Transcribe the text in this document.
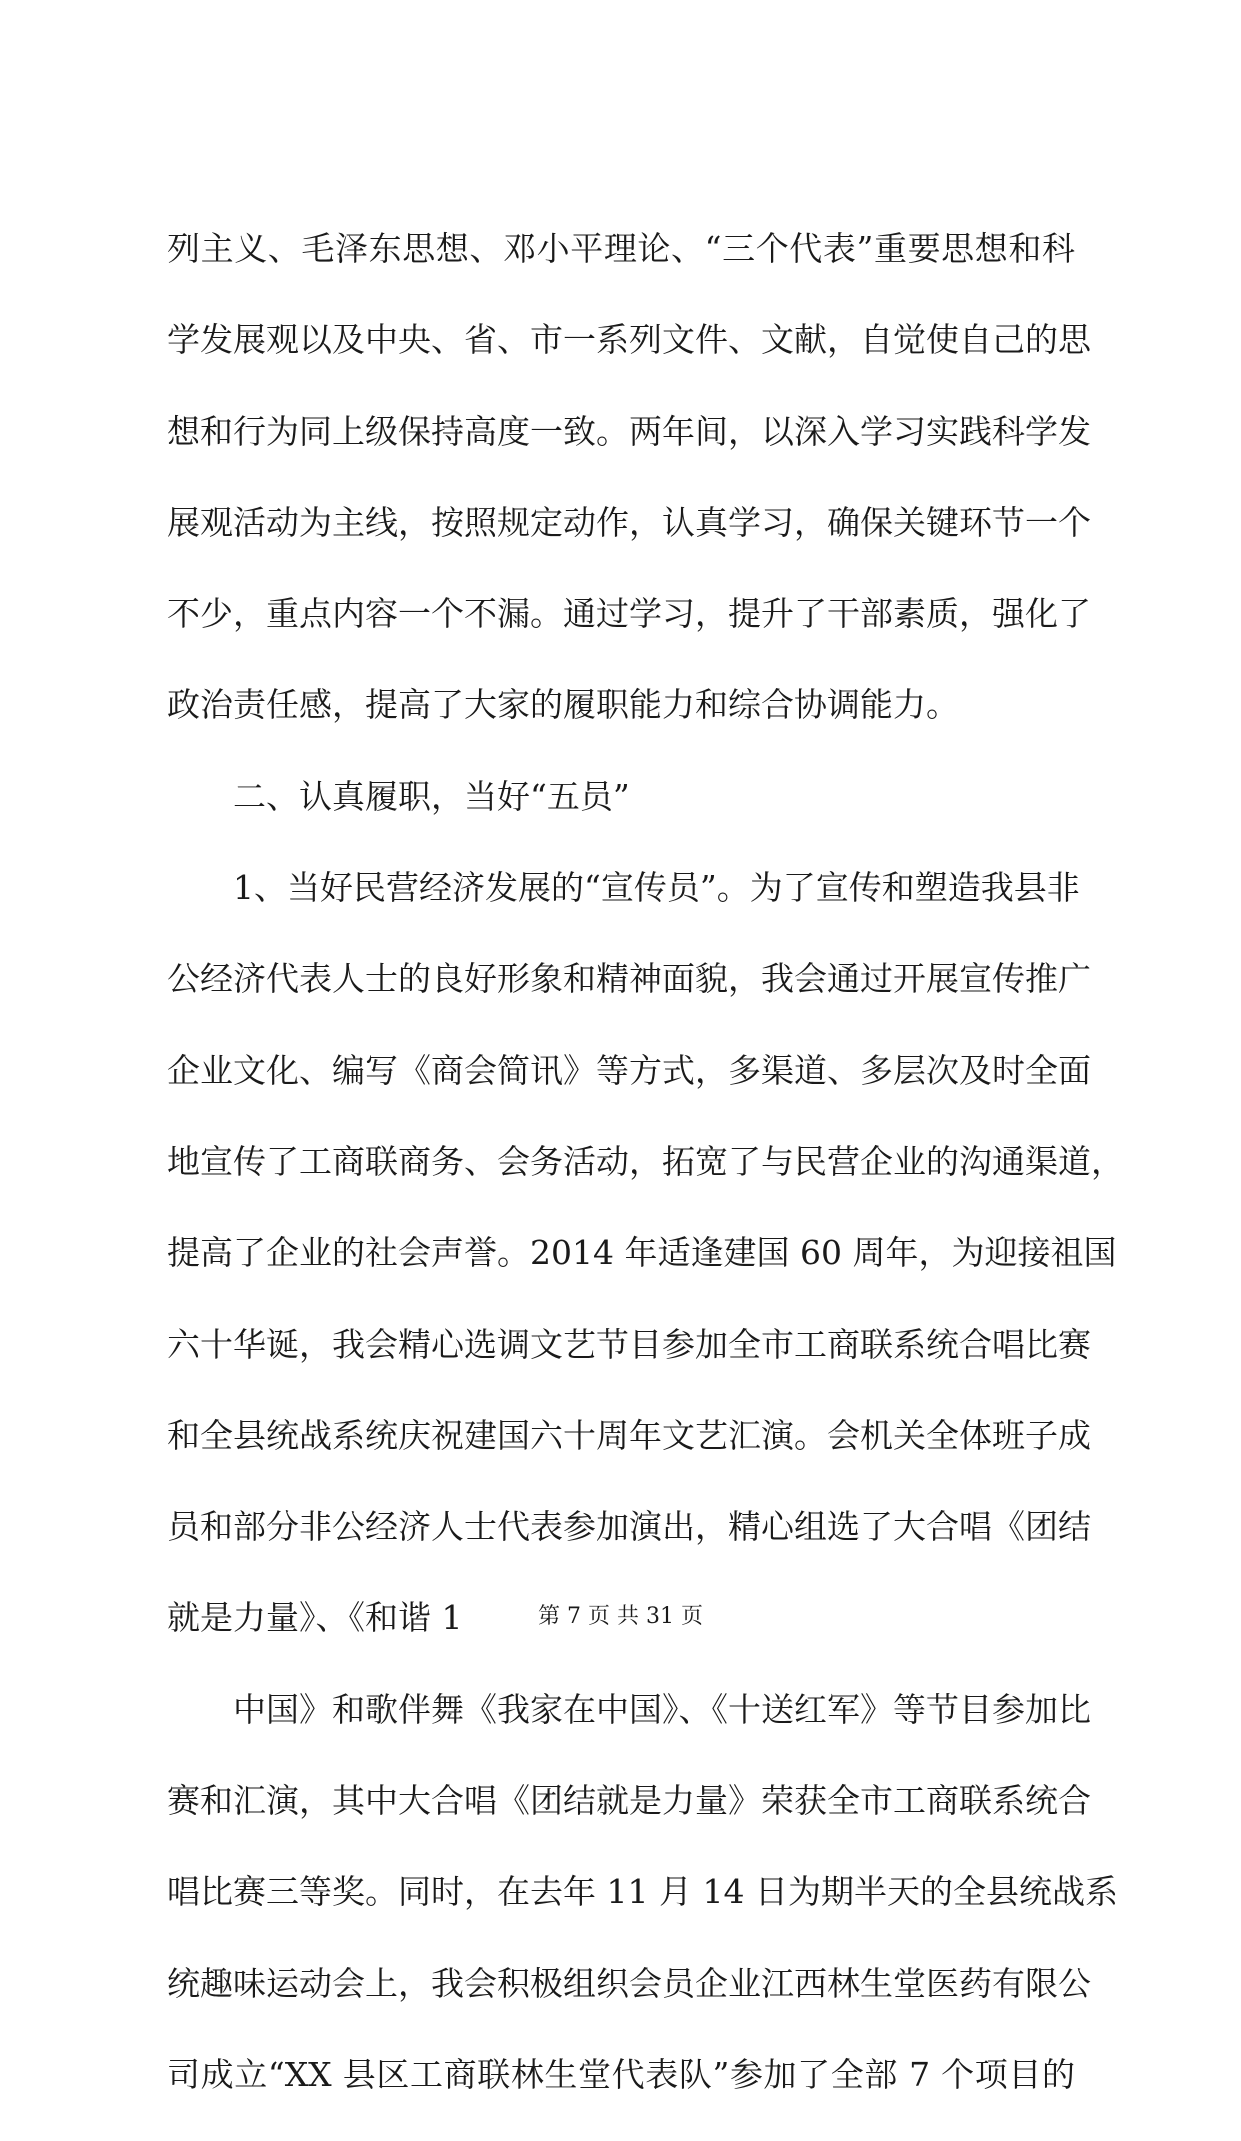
列主义、毛泽东思想、邓小平理论、“三个代表”重要思想和科
学发展观以及中央、省、市一系列文件、文献，自觉使自己的思
想和行为同上级保持高度一致。两年间，以深入学习实践科学发
展观活动为主线，按照规定动作，认真学习，确保关键环节一个
不少，重点内容一个不漏。通过学习，提升了干部素质，强化了
政治责任感，提高了大家的履职能力和综合协调能力。
二、认真履职，当好“五员”
1、当好民营经济发展的“宣传员”。为了宣传和塑造我县非
公经济代表人士的良好形象和精神面貌，我会通过开展宣传推广
企业文化、编写《商会简讯》等方式，多渠道、多层次及时全面
地宣传了工商联商务、会务活动，拓宽了与民营企业的沟通渠道，
提高了企业的社会声誉。2014 年适逢建国 60 周年，为迎接祖国
六十华诞，我会精心选调文艺节目参加全市工商联系统合唱比赛
和全县统战系统庆祝建国六十周年文艺汇演。会机关全体班子成
员和部分非公经济人士代表参加演出，精心组选了大合唱《团结
就是力量》、《和谐 1
中国》和歌伴舞《我家在中国》、《十送红军》等节目参加比
赛和汇演，其中大合唱《团结就是力量》荣获全市工商联系统合
唱比赛三等奖。同时，在去年 11 月 14 日为期半天的全县统战系
统趣味运动会上，我会积极组织会员企业江西林生堂医药有限公
司成立“XX 县区工商联林生堂代表队”参加了全部 7 个项目的
第 7 页 共 31 页
